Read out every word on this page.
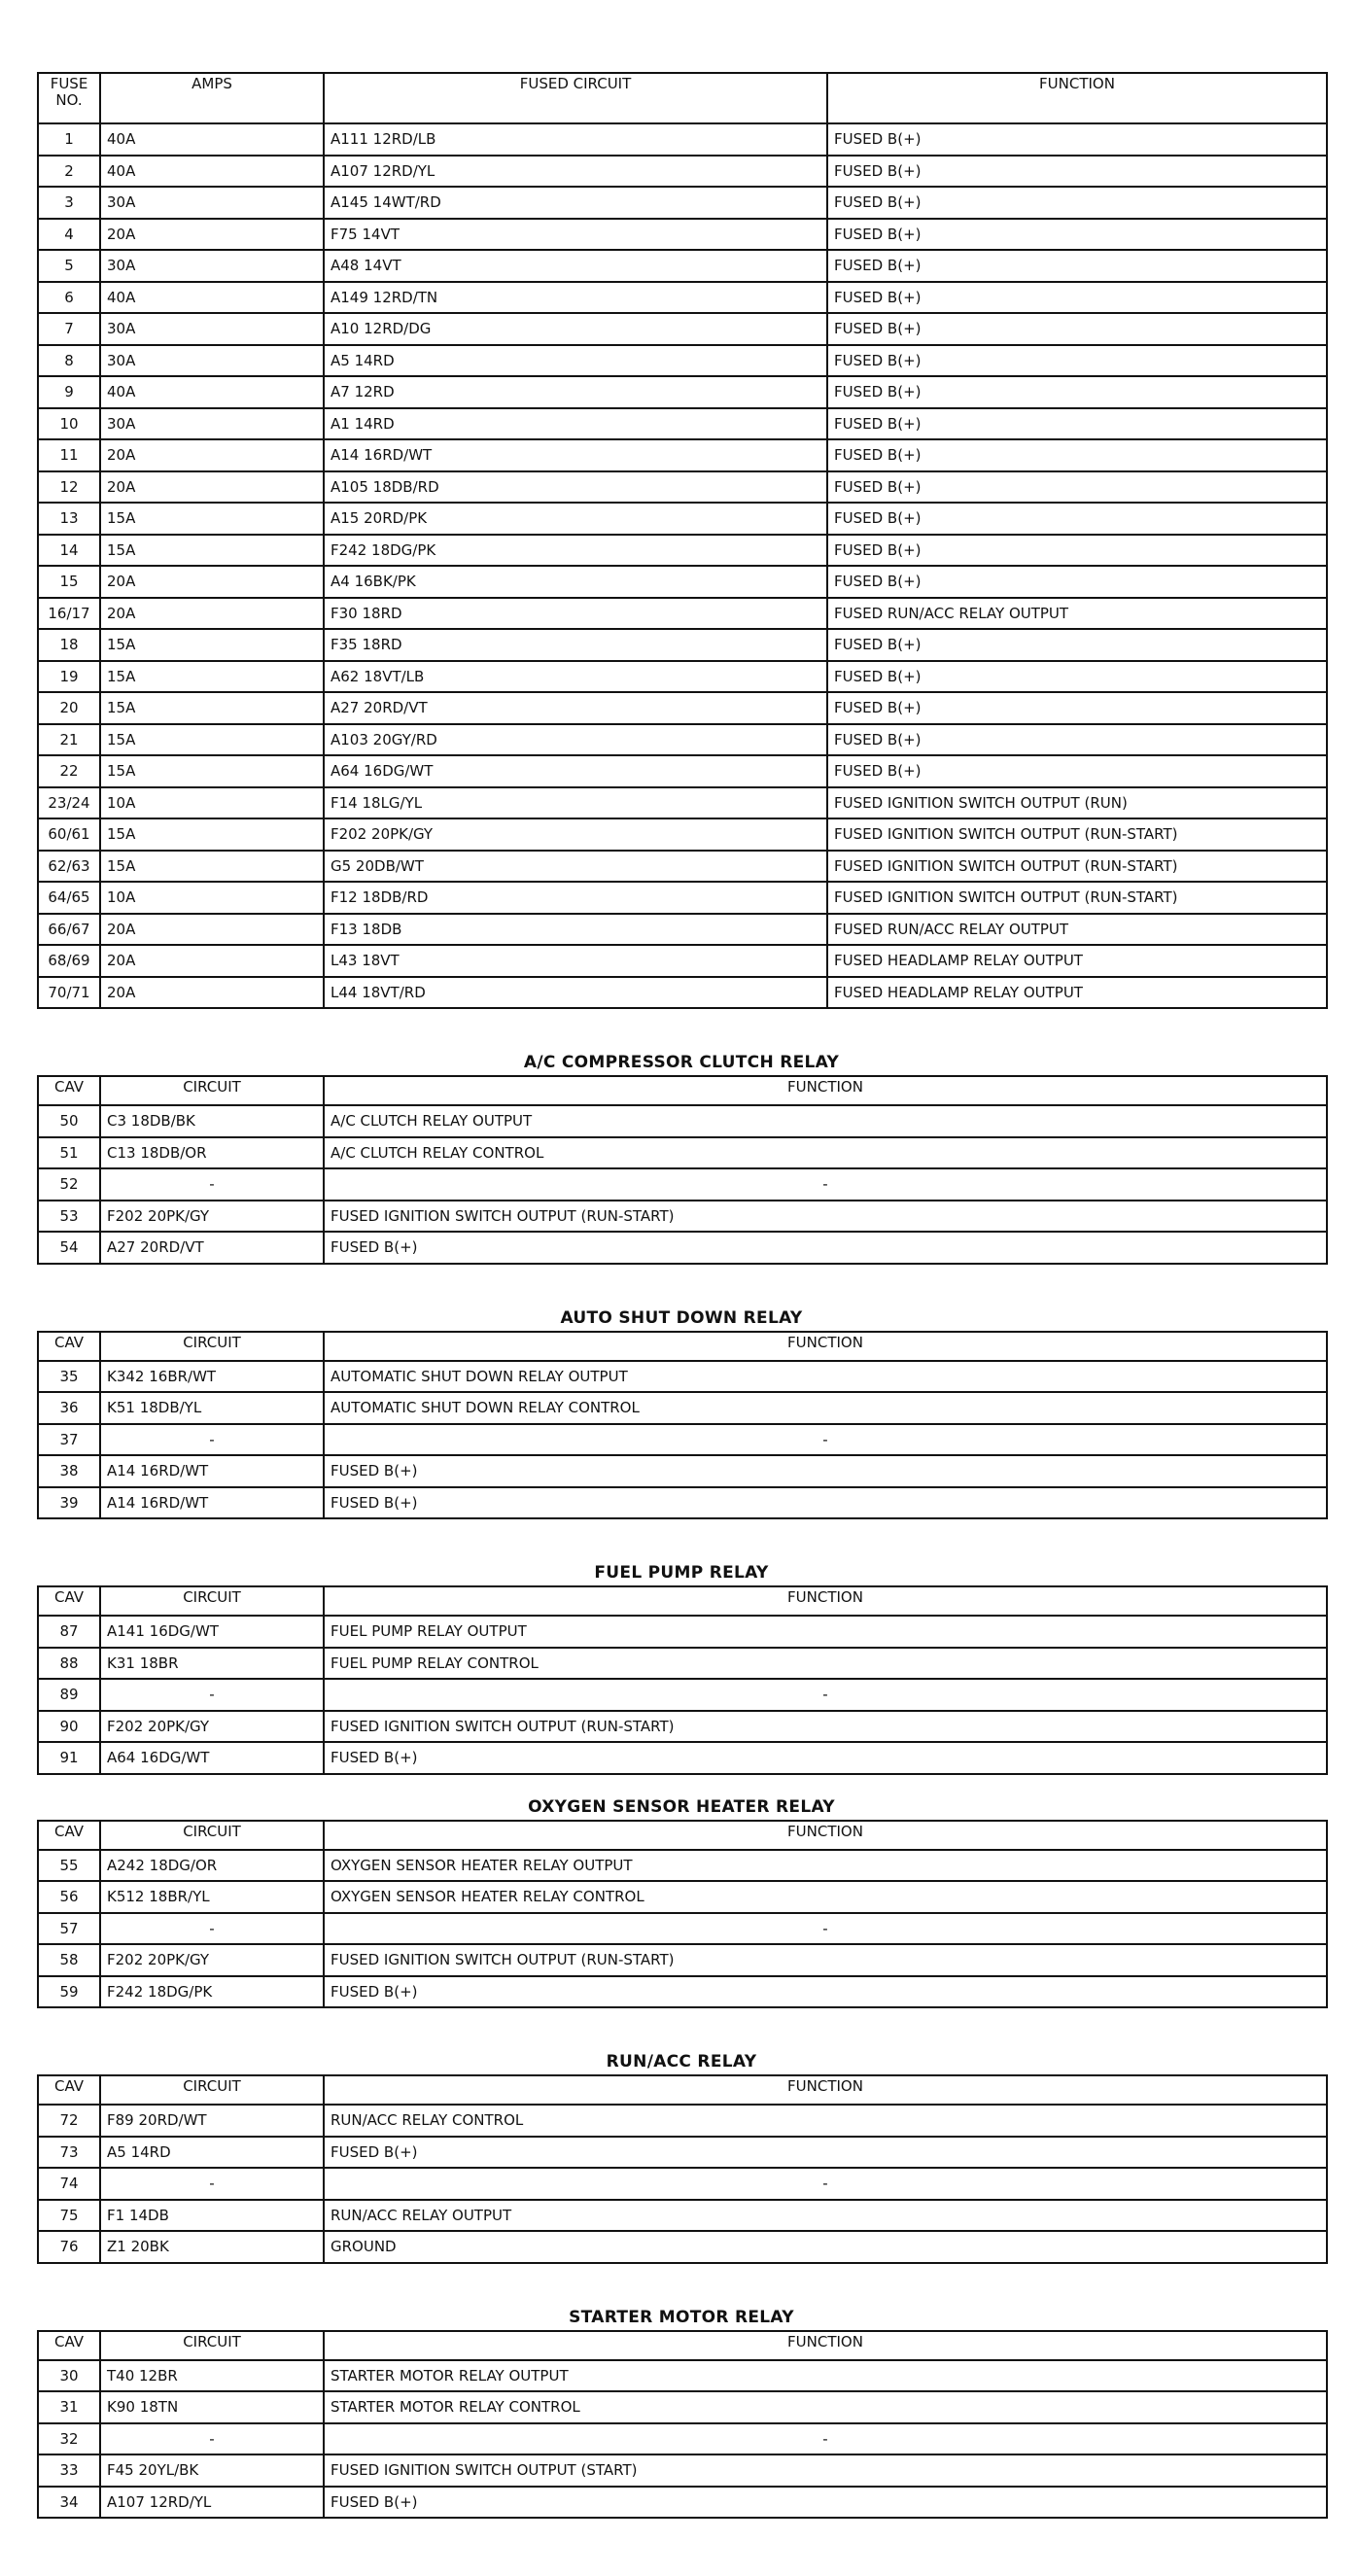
FUSE NO.	AMPS	FUSED CIRCUIT	FUNCTION
1	40A	A111 12RD/LB	FUSED B(+)
2	40A	A107 12RD/YL	FUSED B(+)
3	30A	A145 14WT/RD	FUSED B(+)
4	20A	F75 14VT	FUSED B(+)
5	30A	A48 14VT	FUSED B(+)
6	40A	A149 12RD/TN	FUSED B(+)
7	30A	A10 12RD/DG	FUSED B(+)
8	30A	A5 14RD	FUSED B(+)
9	40A	A7 12RD	FUSED B(+)
10	30A	A1 14RD	FUSED B(+)
11	20A	A14 16RD/WT	FUSED B(+)
12	20A	A105 18DB/RD	FUSED B(+)
13	15A	A15 20RD/PK	FUSED B(+)
14	15A	F242 18DG/PK	FUSED B(+)
15	20A	A4 16BK/PK	FUSED B(+)
16/17	20A	F30 18RD	FUSED RUN/ACC RELAY OUTPUT
18	15A	F35 18RD	FUSED B(+)
19	15A	A62 18VT/LB	FUSED B(+)
20	15A	A27 20RD/VT	FUSED B(+)
21	15A	A103 20GY/RD	FUSED B(+)
22	15A	A64 16DG/WT	FUSED B(+)
23/24	10A	F14 18LG/YL	FUSED IGNITION SWITCH OUTPUT (RUN)
60/61	15A	F202 20PK/GY	FUSED IGNITION SWITCH OUTPUT (RUN-START)
62/63	15A	G5 20DB/WT	FUSED IGNITION SWITCH OUTPUT (RUN-START)
64/65	10A	F12 18DB/RD	FUSED IGNITION SWITCH OUTPUT (RUN-START)
66/67	20A	F13 18DB	FUSED RUN/ACC RELAY OUTPUT
68/69	20A	L43 18VT	FUSED HEADLAMP RELAY OUTPUT
70/71	20A	L44 18VT/RD	FUSED HEADLAMP RELAY OUTPUT
A/C COMPRESSOR CLUTCH RELAY
CAV	CIRCUIT	FUNCTION
50	C3 18DB/BK	A/C CLUTCH RELAY OUTPUT
51	C13 18DB/OR	A/C CLUTCH RELAY CONTROL
52	-	-
53	F202 20PK/GY	FUSED IGNITION SWITCH OUTPUT (RUN-START)
54	A27 20RD/VT	FUSED B(+)
AUTO SHUT DOWN RELAY
CAV	CIRCUIT	FUNCTION
35	K342 16BR/WT	AUTOMATIC SHUT DOWN RELAY OUTPUT
36	K51 18DB/YL	AUTOMATIC SHUT DOWN RELAY CONTROL
37	-	-
38	A14 16RD/WT	FUSED B(+)
39	A14 16RD/WT	FUSED B(+)
FUEL PUMP RELAY
CAV	CIRCUIT	FUNCTION
87	A141 16DG/WT	FUEL PUMP RELAY OUTPUT
88	K31 18BR	FUEL PUMP RELAY CONTROL
89	-	-
90	F202 20PK/GY	FUSED IGNITION SWITCH OUTPUT (RUN-START)
91	A64 16DG/WT	FUSED B(+)
OXYGEN SENSOR HEATER RELAY
CAV	CIRCUIT	FUNCTION
55	A242 18DG/OR	OXYGEN SENSOR HEATER RELAY OUTPUT
56	K512 18BR/YL	OXYGEN SENSOR HEATER RELAY CONTROL
57	-	-
58	F202 20PK/GY	FUSED IGNITION SWITCH OUTPUT (RUN-START)
59	F242 18DG/PK	FUSED B(+)
RUN/ACC RELAY
CAV	CIRCUIT	FUNCTION
72	F89 20RD/WT	RUN/ACC RELAY CONTROL
73	A5 14RD	FUSED B(+)
74	-	-
75	F1 14DB	RUN/ACC RELAY OUTPUT
76	Z1 20BK	GROUND
STARTER MOTOR RELAY
CAV	CIRCUIT	FUNCTION
30	T40 12BR	STARTER MOTOR RELAY OUTPUT
31	K90 18TN	STARTER MOTOR RELAY CONTROL
32	-	-
33	F45 20YL/BK	FUSED IGNITION SWITCH OUTPUT (START)
34	A107 12RD/YL	FUSED B(+)
